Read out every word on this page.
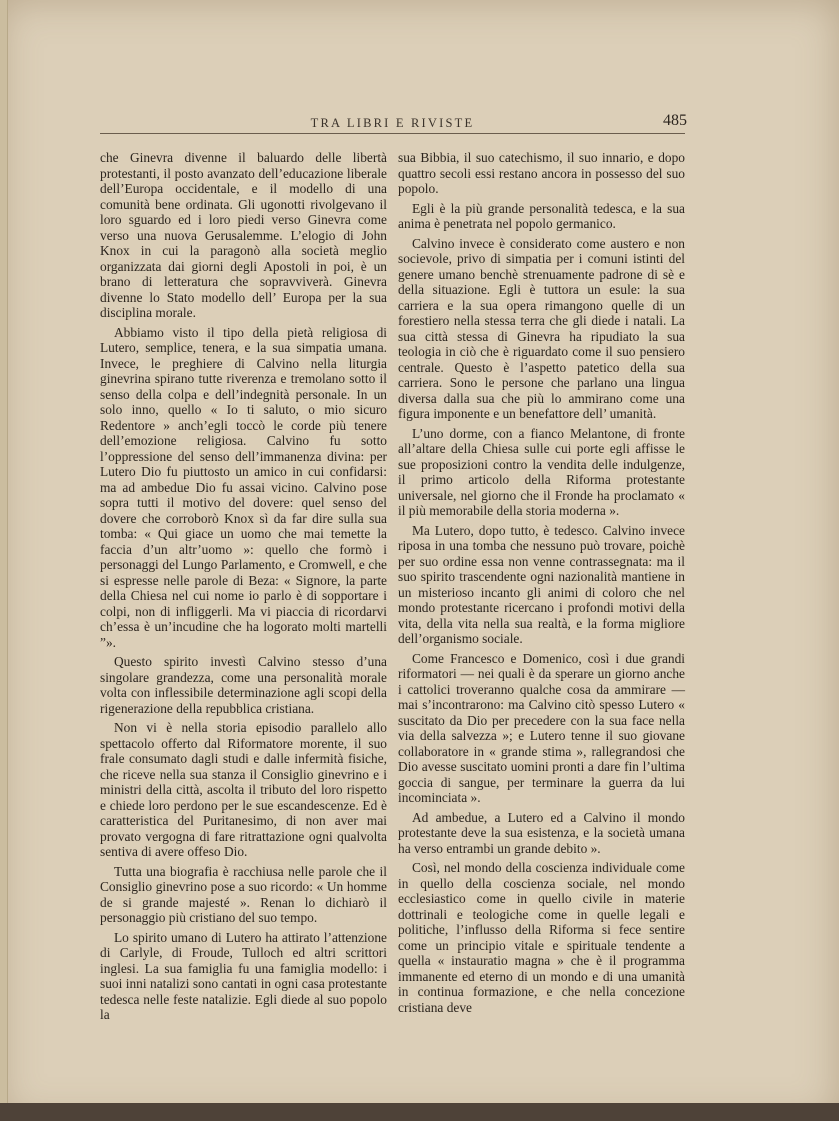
TRA LIBRI E RIVISTE	485

che Ginevra divenne il baluardo delle libertà protestanti, il posto avanzato dell’educazione liberale dell’Europa occidentale, e il modello di una comunità bene ordinata. Gli ugonotti rivolgevano il loro sguardo ed i loro piedi verso Ginevra come verso una nuova Gerusalemme. L’elogio di John Knox in cui la paragonò alla società meglio organizzata dai giorni degli Apostoli in poi, è un brano di letteratura che sopravviverà. Ginevra divenne lo Stato modello dell’ Europa per la sua disciplina morale.

Abbiamo visto il tipo della pietà religiosa di Lutero, semplice, tenera, e la sua simpatia umana. Invece, le preghiere di Calvino nella liturgia ginevrina spirano tutte riverenza e tremolano sotto il senso della colpa e dell’indegnità personale. In un solo inno, quello « Io ti saluto, o mio sicuro Redentore » anch’egli toccò le corde più tenere dell’emozione religiosa. Calvino fu sotto l’oppressione del senso dell’immanenza divina: per Lutero Dio fu piuttosto un amico in cui confidarsi: ma ad ambedue Dio fu assai vicino. Calvino pose sopra tutti il motivo del dovere: quel senso del dovere che corroborò Knox sì da far dire sulla sua tomba: « Qui giace un uomo che mai temette la faccia d’un altr’uomo »: quello che formò i personaggi del Lungo Parlamento, e Cromwell, e che si espresse nelle parole di Beza: « Signore, la parte della Chiesa nel cui nome io parlo è di sopportare i colpi, non di infliggerli. Ma vi piaccia di ricordarvi ch’essa è un’incudine che ha logorato molti martelli ”».

Questo spirito investì Calvino stesso d’una singolare grandezza, come una personalità morale volta con inflessibile determinazione agli scopi della rigenerazione della repubblica cristiana.

Non vi è nella storia episodio parallelo allo spettacolo offerto dal Riformatore morente, il suo frale consumato dagli studi e dalle infermità fisiche, che riceve nella sua stanza il Consiglio ginevrino e i ministri della città, ascolta il tributo del loro rispetto e chiede loro perdono per le sue escandescenze. Ed è caratteristica del Puritanesimo, di non aver mai provato vergogna di fare ritrattazione ogni qualvolta sentiva di avere offeso Dio.

Tutta una biografia è racchiusa nelle parole che il Consiglio ginevrino pose a suo ricordo: « Un homme de si grande majesté ». Renan lo dichiarò il personaggio più cristiano del suo tempo.

Lo spirito umano di Lutero ha attirato l’attenzione di Carlyle, di Froude, Tulloch ed altri scrittori inglesi. La sua famiglia fu una famiglia modello: i suoi inni natalizi sono cantati in ogni casa protestante tedesca nelle feste natalizie. Egli diede al suo popolo la

sua Bibbia, il suo catechismo, il suo innario, e dopo quattro secoli essi restano ancora in possesso del suo popolo.

Egli è la più grande personalità tedesca, e la sua anima è penetrata nel popolo germanico.

Calvino invece è considerato come austero e non socievole, privo di simpatia per i comuni istinti del genere umano benchè strenuamente padrone di sè e della situazione. Egli è tuttora un esule: la sua carriera e la sua opera rimangono quelle di un forestiero nella stessa terra che gli diede i natali. La sua città stessa di Ginevra ha ripudiato la sua teologia in ciò che è riguardato come il suo pensiero centrale. Questo è l’aspetto patetico della sua carriera. Sono le persone che parlano una lingua diversa dalla sua che più lo ammirano come una figura imponente e un benefattore dell’ umanità.

L’uno dorme, con a fianco Melantone, di fronte all’altare della Chiesa sulle cui porte egli affisse le sue proposizioni contro la vendita delle indulgenze, il primo articolo della Riforma protestante universale, nel giorno che il Fronde ha proclamato « il più memorabile della storia moderna ».

Ma Lutero, dopo tutto, è tedesco. Calvino invece riposa in una tomba che nessuno può trovare, poichè per suo ordine essa non venne contrassegnata: ma il suo spirito trascendente ogni nazionalità mantiene in un misterioso incanto gli animi di coloro che nel mondo protestante ricercano i profondi motivi della vita, della vita nella sua realtà, e la forma migliore dell’organismo sociale.

Come Francesco e Domenico, così i due grandi riformatori — nei quali è da sperare un giorno anche i cattolici troveranno qualche cosa da ammirare — mai s’incontrarono: ma Calvino citò spesso Lutero « suscitato da Dio per precedere con la sua face nella via della salvezza »; e Lutero tenne il suo giovane collaboratore in « grande stima », rallegrandosi che Dio avesse suscitato uomini pronti a dare fin l’ultima goccia di sangue, per terminare la guerra da lui incominciata ».

Ad ambedue, a Lutero ed a Calvino il mondo protestante deve la sua esistenza, e la società umana ha verso entrambi un grande debito ».

Così, nel mondo della coscienza individuale come in quello della coscienza sociale, nel mondo ecclesiastico come in quello civile in materie dottrinali e teologiche come in quelle legali e politiche, l’influsso della Riforma si fece sentire come un principio vitale e spirituale tendente a quella « instauratio magna » che è il programma immanente ed eterno di un mondo e di una umanità in continua formazione, e che nella concezione cristiana deve
